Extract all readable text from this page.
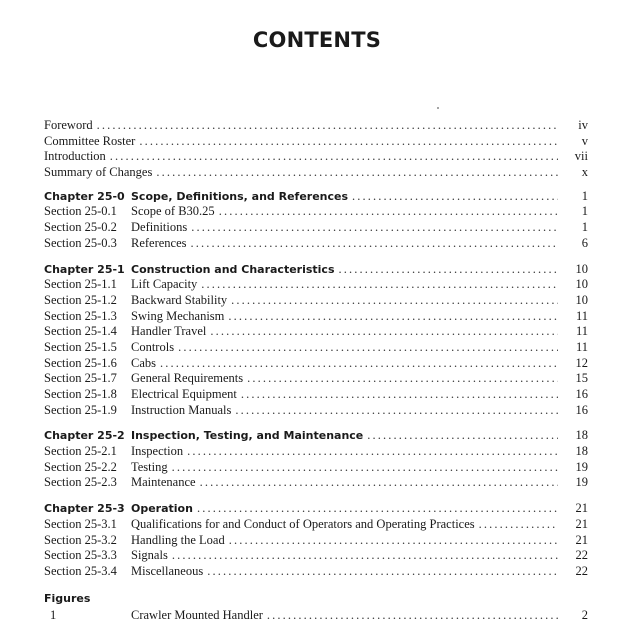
CONTENTS
Foreword . . .	iv
Committee Roster . . .	v
Introduction . . .	vii
Summary of Changes . . .	x
Chapter 25-0 Scope, Definitions, and References . . .	1
Section 25-0.1	Scope of B30.25 . . .	1
Section 25-0.2	Definitions . . .	1
Section 25-0.3	References . . .	6
Chapter 25-1 Construction and Characteristics . . .	10
Section 25-1.1	Lift Capacity . . .	10
Section 25-1.2	Backward Stability . . .	10
Section 25-1.3	Swing Mechanism . . .	11
Section 25-1.4	Handler Travel . . .	11
Section 25-1.5	Controls . . .	11
Section 25-1.6	Cabs . . .	12
Section 25-1.7	General Requirements . . .	15
Section 25-1.8	Electrical Equipment . . .	16
Section 25-1.9	Instruction Manuals . . .	16
Chapter 25-2 Inspection, Testing, and Maintenance . . .	18
Section 25-2.1	Inspection . . .	18
Section 25-2.2	Testing . . .	19
Section 25-2.3	Maintenance . . .	19
Chapter 25-3 Operation . . .	21
Section 25-3.1	Qualifications for and Conduct of Operators and Operating Practices . . .	21
Section 25-3.2	Handling the Load . . .	21
Section 25-3.3	Signals . . .	22
Section 25-3.4	Miscellaneous . . .	22
Figures
1	Crawler Mounted Handler . . .	2
